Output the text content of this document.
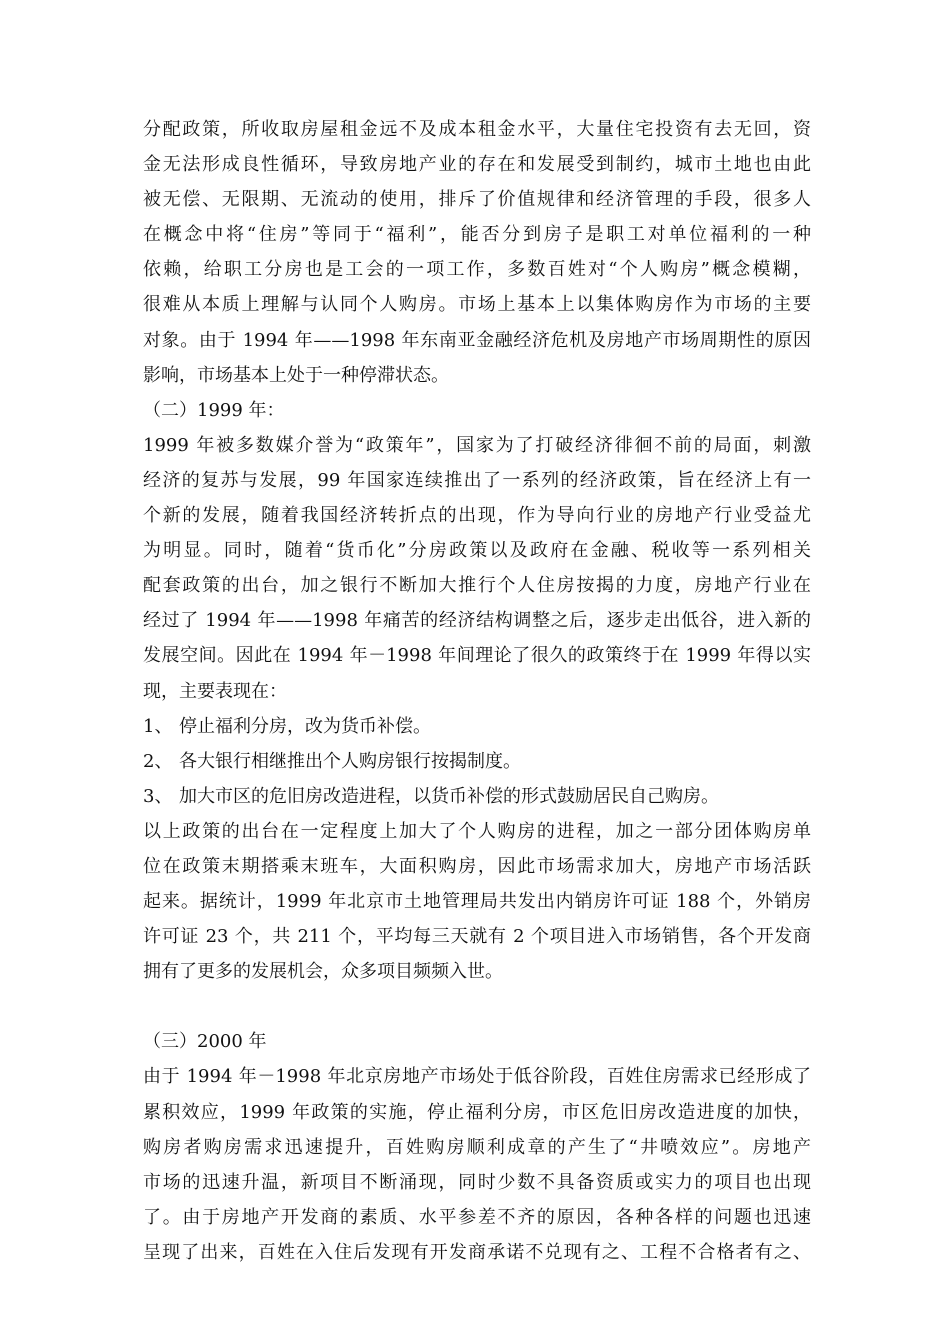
分配政策，所收取房屋租金远不及成本租金水平，大量住宅投资有去无回，资
金无法形成良性循环，导致房地产业的存在和发展受到制约，城市土地也由此
被无偿、无限期、无流动的使用，排斥了价值规律和经济管理的手段，很多人
在概念中将“住房”等同于“福利”，能否分到房子是职工对单位福利的一种
依赖，给职工分房也是工会的一项工作，多数百姓对“个人购房”概念模糊，
很难从本质上理解与认同个人购房。市场上基本上以集体购房作为市场的主要
对象。由于 1994 年——1998 年东南亚金融经济危机及房地产市场周期性的原因
影响，市场基本上处于一种停滞状态。
（二）1999 年：
1999 年被多数媒介誉为“政策年”，国家为了打破经济徘徊不前的局面，刺激
经济的复苏与发展，99 年国家连续推出了一系列的经济政策，旨在经济上有一
个新的发展，随着我国经济转折点的出现，作为导向行业的房地产行业受益尤
为明显。同时，随着“货币化”分房政策以及政府在金融、税收等一系列相关
配套政策的出台，加之银行不断加大推行个人住房按揭的力度，房地产行业在
经过了 1994 年——1998 年痛苦的经济结构调整之后，逐步走出低谷，进入新的
发展空间。因此在 1994 年－1998 年间理论了很久的政策终于在 1999 年得以实
现，主要表现在：
1、 停止福利分房，改为货币补偿。
2、 各大银行相继推出个人购房银行按揭制度。
3、 加大市区的危旧房改造进程，以货币补偿的形式鼓励居民自己购房。
以上政策的出台在一定程度上加大了个人购房的进程，加之一部分团体购房单
位在政策末期搭乘末班车，大面积购房，因此市场需求加大，房地产市场活跃
起来。据统计，1999 年北京市土地管理局共发出内销房许可证 188 个，外销房
许可证 23 个，共 211 个，平均每三天就有 2 个项目进入市场销售，各个开发商
拥有了更多的发展机会，众多项目频频入世。
（三）2000 年
由于 1994 年－1998 年北京房地产市场处于低谷阶段，百姓住房需求已经形成了
累积效应，1999 年政策的实施，停止福利分房，市区危旧房改造进度的加快，
购房者购房需求迅速提升，百姓购房顺利成章的产生了“井喷效应”。房地产
市场的迅速升温，新项目不断涌现，同时少数不具备资质或实力的项目也出现
了。由于房地产开发商的素质、水平参差不齐的原因，各种各样的问题也迅速
呈现了出来，百姓在入住后发现有开发商承诺不兑现有之、工程不合格者有之、
